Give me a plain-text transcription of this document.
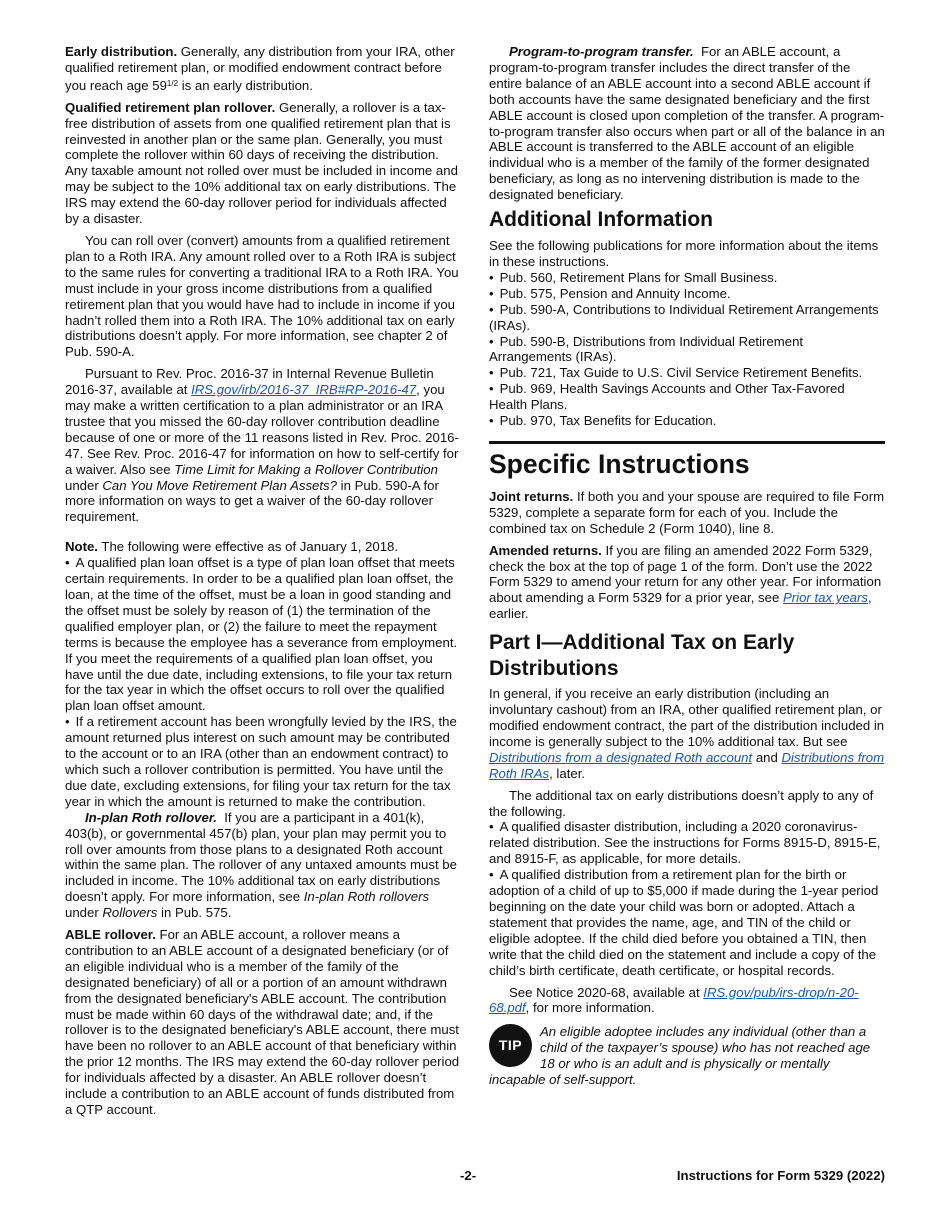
Early distribution. Generally, any distribution from your IRA, other qualified retirement plan, or modified endowment contract before you reach age $59^{1/2}$ is an early distribution.

Qualified retirement plan rollover. Generally, a rollover is a tax-free distribution of assets from one qualified retirement plan that is reinvested in another plan or the same plan. Generally, you must complete the rollover within 60 days of receiving the distribution. Any taxable amount not rolled over must be included in income and may be subject to the 10% additional tax on early distributions. The IRS may extend the 60-day rollover period for individuals affected by a disaster.

You can roll over (convert) amounts from a qualified retirement plan to a Roth IRA. Any amount rolled over to a Roth IRA is subject to the same rules for converting a traditional IRA to a Roth IRA. You must include in your gross income distributions from a qualified retirement plan that you would have had to include in income if you hadn’t rolled them into a Roth IRA. The 10% additional tax on early distributions doesn’t apply. For more information, see chapter 2 of Pub. 590-A.

Pursuant to Rev. Proc. 2016-37 in Internal Revenue Bulletin 2016-37, available at IRS.gov/irb/2016-37_IRB#RP-2016-47, you may make a written certification to a plan administrator or an IRA trustee that you missed the 60-day rollover contribution deadline because of one or more of the 11 reasons listed in Rev. Proc. 2016-47. See Rev. Proc. 2016-47 for information on how to self-certify for a waiver. Also see Time Limit for Making a Rollover Contribution under Can You Move Retirement Plan Assets? in Pub. 590-A for more information on ways to get a waiver of the 60-day rollover requirement.

Note. The following were effective as of January 1, 2018.

• A qualified plan loan offset is a type of plan loan offset that meets certain requirements. In order to be a qualified plan loan offset, the loan, at the time of the offset, must be a loan in good standing and the offset must be solely by reason of (1) the termination of the qualified employer plan, or (2) the failure to meet the repayment terms is because the employee has a severance from employment. If you meet the requirements of a qualified plan loan offset, you have until the due date, including extensions, to file your tax return for the tax year in which the offset occurs to roll over the qualified plan loan offset amount.

• If a retirement account has been wrongfully levied by the IRS, the amount returned plus interest on such amount may be contributed to the account or to an IRA (other than an endowment contract) to which such a rollover contribution is permitted. You have until the due date, excluding extensions, for filing your tax return for the tax year in which the amount is returned to make the contribution.

In-plan Roth rollover. If you are a participant in a 401(k), 403(b), or governmental 457(b) plan, your plan may permit you to roll over amounts from those plans to a designated Roth account within the same plan. The rollover of any untaxed amounts must be included in income. The 10% additional tax on early distributions doesn’t apply. For more information, see In-plan Roth rollovers under Rollovers in Pub. 575.

ABLE rollover. For an ABLE account, a rollover means a contribution to an ABLE account of a designated beneficiary (or of an eligible individual who is a member of the family of the designated beneficiary) of all or a portion of an amount withdrawn from the designated beneficiary's ABLE account. The contribution must be made within 60 days of the withdrawal date; and, if the rollover is to the designated beneficiary's ABLE account, there must have been no rollover to an ABLE account of that beneficiary within the prior 12 months. The IRS may extend the 60-day rollover period for individuals affected by a disaster. An ABLE rollover doesn’t include a contribution to an ABLE account of funds distributed from a QTP account.

Program-to-program transfer. For an ABLE account, a program-to-program transfer includes the direct transfer of the entire balance of an ABLE account into a second ABLE account if both accounts have the same designated beneficiary and the first ABLE account is closed upon completion of the transfer. A program-to-program transfer also occurs when part or all of the balance in an ABLE account is transferred to the ABLE account of an eligible individual who is a member of the family of the former designated beneficiary, as long as no intervening distribution is made to the designated beneficiary.

Additional Information

See the following publications for more information about the items in these instructions.

• Pub. 560, Retirement Plans for Small Business.

• Pub. 575, Pension and Annuity Income.

• Pub. 590-A, Contributions to Individual Retirement Arrangements (IRAs).

• Pub. 590-B, Distributions from Individual Retirement Arrangements (IRAs).

• Pub. 721, Tax Guide to U.S. Civil Service Retirement Benefits.

• Pub. 969, Health Savings Accounts and Other Tax-Favored Health Plans.

• Pub. 970, Tax Benefits for Education.

Specific Instructions

Joint returns. If both you and your spouse are required to file Form 5329, complete a separate form for each of you. Include the combined tax on Schedule 2 (Form 1040), line 8.

Amended returns. If you are filing an amended 2022 Form 5329, check the box at the top of page 1 of the form. Don’t use the 2022 Form 5329 to amend your return for any other year. For information about amending a Form 5329 for a prior year, see Prior tax years, earlier.

Part I—Additional Tax on Early Distributions

In general, if you receive an early distribution (including an involuntary cashout) from an IRA, other qualified retirement plan, or modified endowment contract, the part of the distribution included in income is generally subject to the 10% additional tax. But see Distributions from a designated Roth account and Distributions from Roth IRAs, later.

The additional tax on early distributions doesn’t apply to any of the following.

• A qualified disaster distribution, including a 2020 coronavirus-related distribution. See the instructions for Forms 8915-D, 8915-E, and 8915-F, as applicable, for more details.

• A qualified distribution from a retirement plan for the birth or adoption of a child of up to $5,000 if made during the 1-year period beginning on the date your child was born or adopted. Attach a statement that provides the name, age, and TIN of the child or eligible adoptee. If the child died before you obtained a TIN, then write that the child died on the statement and include a copy of the child’s birth certificate, death certificate, or hospital records.

See Notice 2020-68, available at IRS.gov/pub/irs-drop/n-20-68.pdf, for more information.

TIP

An eligible adoptee includes any individual (other than a child of the taxpayer’s spouse) who has not reached age 18 or who is an adult and is physically or mentally incapable of self-support.

-2-	Instructions for Form 5329 (2022)
